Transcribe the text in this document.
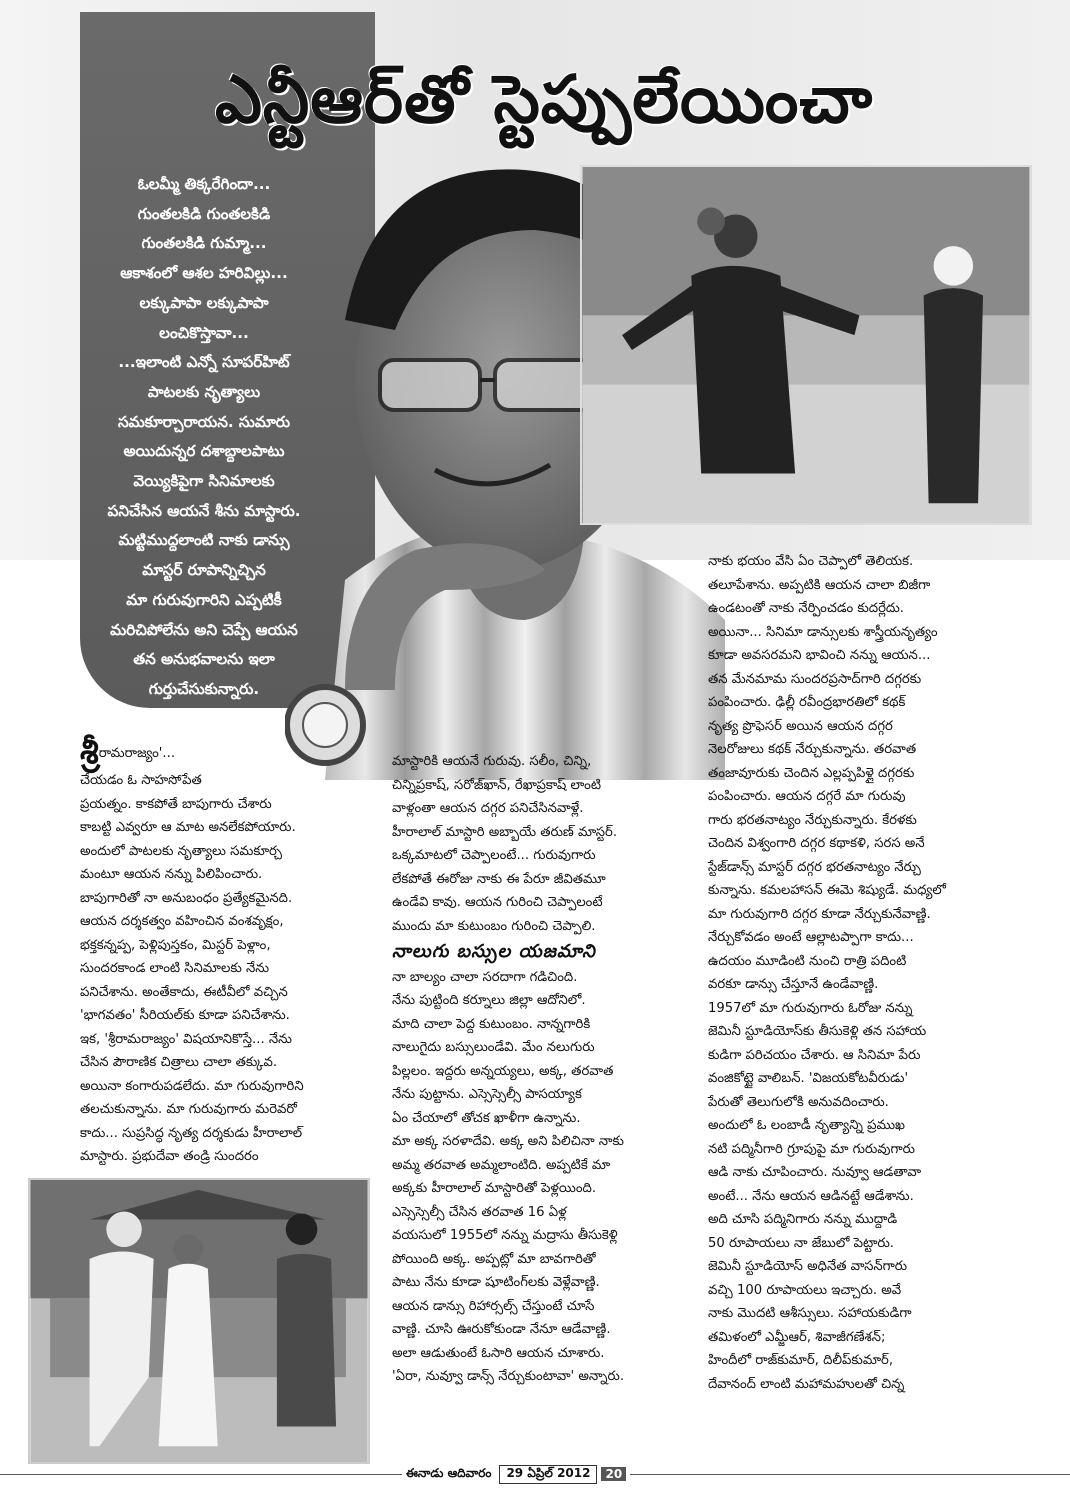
ఎన్టీఆర్‌తో స్టెప్పులేయించా

ఓలమ్మీ తిక్కరేగిందా...

గుంతలకిడి గుంతలకిడి

గుంతలకిడి గుమ్మా...

ఆకాశంలో ఆశల హరివిల్లు...

లక్కుపాపా లక్కుపాపా

లంచికొస్తావా...

...ఇలాంటి ఎన్నో సూపర్‌హిట్

పాటలకు నృత్యాలు

సమకూర్చారాయన. సుమారు

అయిదున్నర దశాబ్దాలపాటు

వెయ్యికిపైగా సినిమాలకు

పనిచేసిన ఆయనే శీను మాస్టారు.

మట్టిముద్దలాంటి నాకు డాన్సు

మాస్టర్ రూపాన్నిచ్చిన

మా గురువుగారిని ఎప్పటికీ

మరిచిపోలేను అని చెప్పే ఆయన

తన అనుభవాలను ఇలా

గుర్తుచేసుకున్నారు.

శ్రీరామరాజ్యం'...

చేయడం ఓ సాహసోపేత

ప్రయత్నం. కాకపోతే బాపుగారు చేశారు

కాబట్టి ఎవ్వరూ ఆ మాట అనలేకపోయారు.

అందులో పాటలకు నృత్యాలు సమకూర్చ

మంటూ ఆయన నన్ను పిలిపించారు.

బాపుగారితో నా అనుబంధం ప్రత్యేకమైనది.

ఆయన దర్శకత్వం వహించిన వంశవృక్షం,

భక్తకన్నప్ప, పెళ్లిపుస్తకం, మిస్టర్ పెళ్లాం,

సుందరకాండ లాంటి సినిమాలకు నేను

పనిచేశాను. అంతేకాదు, ఈటీవీలో వచ్చిన

'భాగవతం' సీరియల్‌కు కూడా పనిచేశాను.

ఇక, 'శ్రీరామరాజ్యం' విషయానికొస్తే... నేను

చేసిన పౌరాణిక చిత్రాలు చాలా తక్కువ.

అయినా కంగారుపడలేదు. మా గురువుగారిని

తలచుకున్నాను. మా గురువుగారు మరెవరో

కాదు... సుప్రసిద్ధ నృత్య దర్శకుడు హీరాలాల్

మాస్టారు. ప్రభుదేవా తండ్రి సుందరం

మాస్టారికి ఆయనే గురువు. సలీం, చిన్ని,

చిన్నిప్రకాష్, సరోజ్‌ఖాన్, రేఖాప్రకాష్ లాంటి

వాళ్లంతా ఆయన దగ్గర పనిచేసినవాళ్లే.

హీరాలాల్ మాస్టారి అబ్బాయే తరుణ్ మాస్టర్.

ఒక్కమాటలో చెప్పాలంటే... గురువుగారు

లేకపోతే ఈరోజు నాకు ఈ పేరూ జీవితమూ

ఉండేవి కావు. ఆయన గురించి చెప్పాలంటే

ముందు మా కుటుంబం గురించి చెప్పాలి.

నాలుగు బస్సుల యజమాని

నా బాల్యం చాలా సరదాగా గడిచింది.

నేను పుట్టింది కర్నూలు జిల్లా ఆదోనిలో.

మాది చాలా పెద్ద కుటుంబం. నాన్నగారికి

నాలుగైదు బస్సులుండేవి. మేం నలుగురు

పిల్లలం. ఇద్దరు అన్నయ్యలు, అక్క, తరవాత

నేను పుట్టాను. ఎస్సెస్సెల్సీ పాసయ్యాక

ఏం చేయాలో తోచక ఖాళీగా ఉన్నాను.

మా అక్క సరళాదేవి. అక్క అని పిలిచినా నాకు

అమ్మ తరవాత అమ్మలాంటిది. అప్పటికే మా

అక్కకు హీరాలాల్ మాస్టారితో పెళ్లయింది.

ఎస్సెస్సెల్సీ చేసిన తరవాత 16 ఏళ్ల

వయసులో 1955లో నన్ను మద్రాసు తీసుకెళ్లి

పోయింది అక్క. అప్పట్లో మా బావగారితో

పాటు నేను కూడా షూటింగ్‌లకు వెళ్లేవాణ్ణి.

ఆయన డాన్సు రిహార్సల్స్ చేస్తుంటే చూసే

వాణ్ణి. చూసి ఊరుకోకుండా నేనూ ఆడేవాణ్ణి.

అలా ఆడుతుంటే ఓసారి ఆయన చూశారు.

'ఏరా, నువ్వూ డాన్స్ నేర్చుకుంటావా' అన్నారు.

నాకు భయం వేసి ఏం చెప్పాలో తెలియక.

తలూపేశాను. అప్పటికి ఆయన చాలా బిజీగా

ఉండటంతో నాకు నేర్పించడం కుదర్లేదు.

అయినా... సినిమా డాన్సులకు శాస్త్రీయనృత్యం

కూడా అవసరమని భావించి నన్ను ఆయన...

తన మేనమామ సుందరప్రసాద్‌గారి దగ్గరకు

పంపించారు. ఢిల్లీ రవీంద్రభారతిలో కథక్

నృత్య ప్రొఫెసర్ అయిన ఆయన దగ్గర

నెలరోజులు కథక్ నేర్చుకున్నాను. తరవాత

తంజావూరుకు చెందిన ఎల్లప్పపిళ్లై దగ్గరకు

పంపించారు. ఆయన దగ్గరే మా గురువు

గారు భరతనాట్యం నేర్చుకున్నారు. కేరళకు

చెందిన విశ్వంగారి దగ్గర కథాకళి, సరస అనే

స్టేజ్‌డాన్స్ మాస్టర్ దగ్గర భరతనాట్యం నేర్చు

కున్నాను. కమలహాసన్ ఈమె శిష్యుడే. మధ్యలో

మా గురువుగారి దగ్గర కూడా నేర్చుకునేవాణ్ణి.

నేర్చుకోవడం అంటే ఆల్లాటప్పాగా కాదు...

ఉదయం మూడింటి నుంచి రాత్రి పదింటి

వరకూ డాన్సు చేస్తూనే ఉండేవాణ్ణి.

1957లో మా గురువుగారు ఓరోజు నన్ను

జెమినీ స్టూడియోస్‌కు తీసుకెళ్లి తన సహాయ

కుడిగా పరిచయం చేశారు. ఆ సినిమా పేరు

వంజికోట్టై వాలిబన్. 'విజయకోటవీరుడు'

పేరుతో తెలుగులోకి అనువదించారు.

అందులో ఓ లంబాడీ నృత్యాన్ని ప్రముఖ

నటి పద్మినీగారి గ్రూపుపై మా గురువుగారు

ఆడి నాకు చూపించారు. నువ్వూ ఆడతావా

అంటే... నేను ఆయన ఆడినట్టే ఆడేశాను.

అది చూసి పద్మినిగారు నన్ను ముద్దాడి

50 రూపాయలు నా జేబులో పెట్టారు.

జెమినీ స్టూడియోస్ అధినేత వాసన్‌గారు

వచ్చి 100 రూపాయలు ఇచ్చారు. అవే

నాకు మొదటి ఆశీస్సులు. సహాయకుడిగా

తమిళంలో ఎమ్జీఆర్, శివాజీగణేశన్;

హిందీలో రాజ్‌కుమార్, దిలీప్‌కుమార్,

దేవానంద్ లాంటి మహామహులతో చిన్న

ఈనాడు ఆదివారం	29 ఏప్రిల్ 2012	20
